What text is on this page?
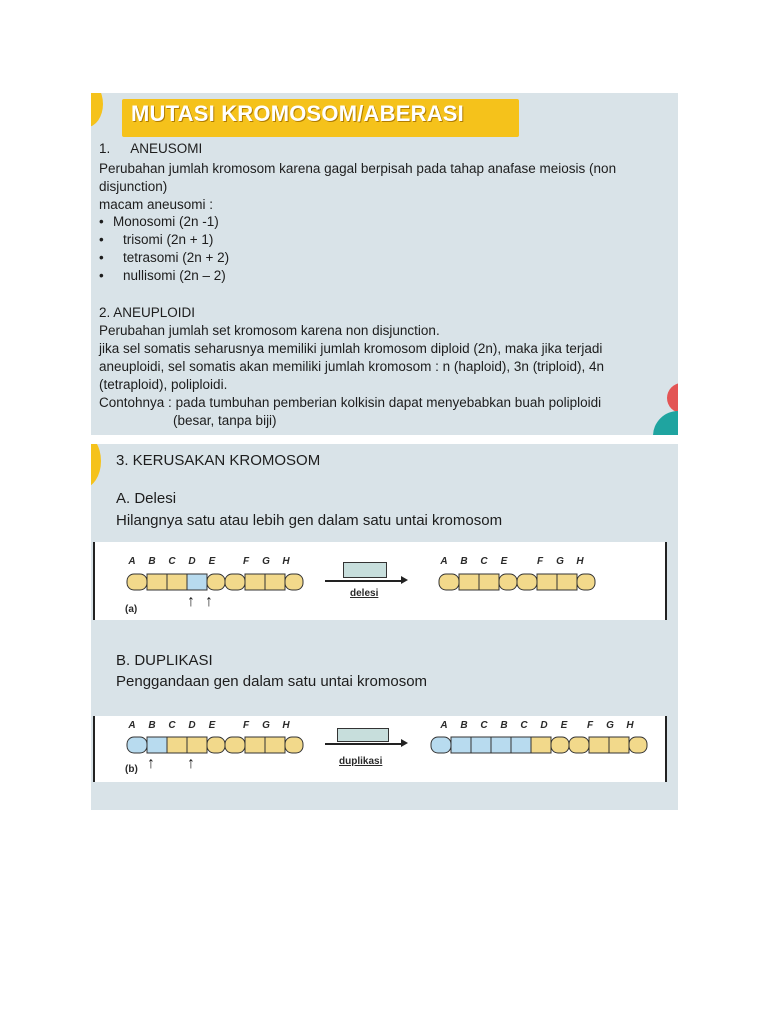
MUTASI KROMOSOM/ABERASI
1. ANEUSOMI
Perubahan jumlah kromosom karena gagal berpisah pada tahap anafase meiosis (non
disjunction)
macam aneusomi :
• Monosomi (2n -1)
• trisomi (2n + 1)
• tetrasomi (2n + 2)
• nullisomi (2n – 2)
2. ANEUPLOIDI
Perubahan jumlah set kromosom karena non disjunction.
jika sel somatis seharusnya memiliki jumlah kromosom diploid (2n), maka jika terjadi
aneuploidi, sel somatis akan memiliki jumlah kromosom : n (haploid), 3n (triploid), 4n
(tetraploid), poliploidi.
Contohnya : pada tumbuhan pemberian kolkisin dapat menyebabkan buah poliploidi
(besar, tanpa biji)
3. KERUSAKAN KROMOSOM
A. Delesi
Hilangnya satu atau lebih gen dalam satu untai kromosom
A B C D E	F G H
delesi
A B C E	F G H
(a)	↑ ↑
B. DUPLIKASI
Penggandaan gen dalam satu untai kromosom
A B C D E	F G H
duplikasi
A B C B C D E F G H
(b) ↑ ↑
